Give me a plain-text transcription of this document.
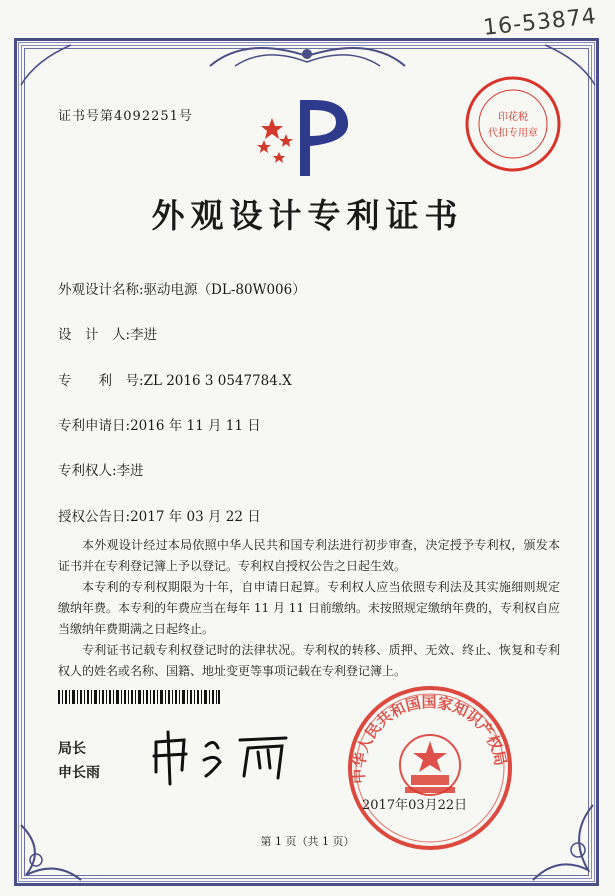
16-53874
证书号第4092251号	印花税
代扣专用章
外观设计专利证书
外观设计名称:驱动电源（DL-80W006）
设　计　人:李进
专　　利　号:ZL 2016 3 0547784.X
专利申请日:2016 年 11 月 11 日
专利权人:李进
授权公告日:2017 年 03 月 22 日

本外观设计经过本局依照中华人民共和国专利法进行初步审查，决定授予专利权，颁发本证书并在专利登记簿上予以登记。专利权自授权公告之日起生效。

本专利的专利权期限为十年，自申请日起算。专利权人应当依照专利法及其实施细则规定缴纳年费。本专利的年费应当在每年 11 月 11 日前缴纳。未按照规定缴纳年费的，专利权自应当缴纳年费期满之日起终止。

专利证书记载专利权登记时的法律状况。专利权的转移、质押、无效、终止、恢复和专利权人的姓名或名称、国籍、地址变更等事项记载在专利登记簿上。

局长
申长雨	中华人民共和国国家知识产权局
2017年03月22日
第 1 页（共 1 页）
